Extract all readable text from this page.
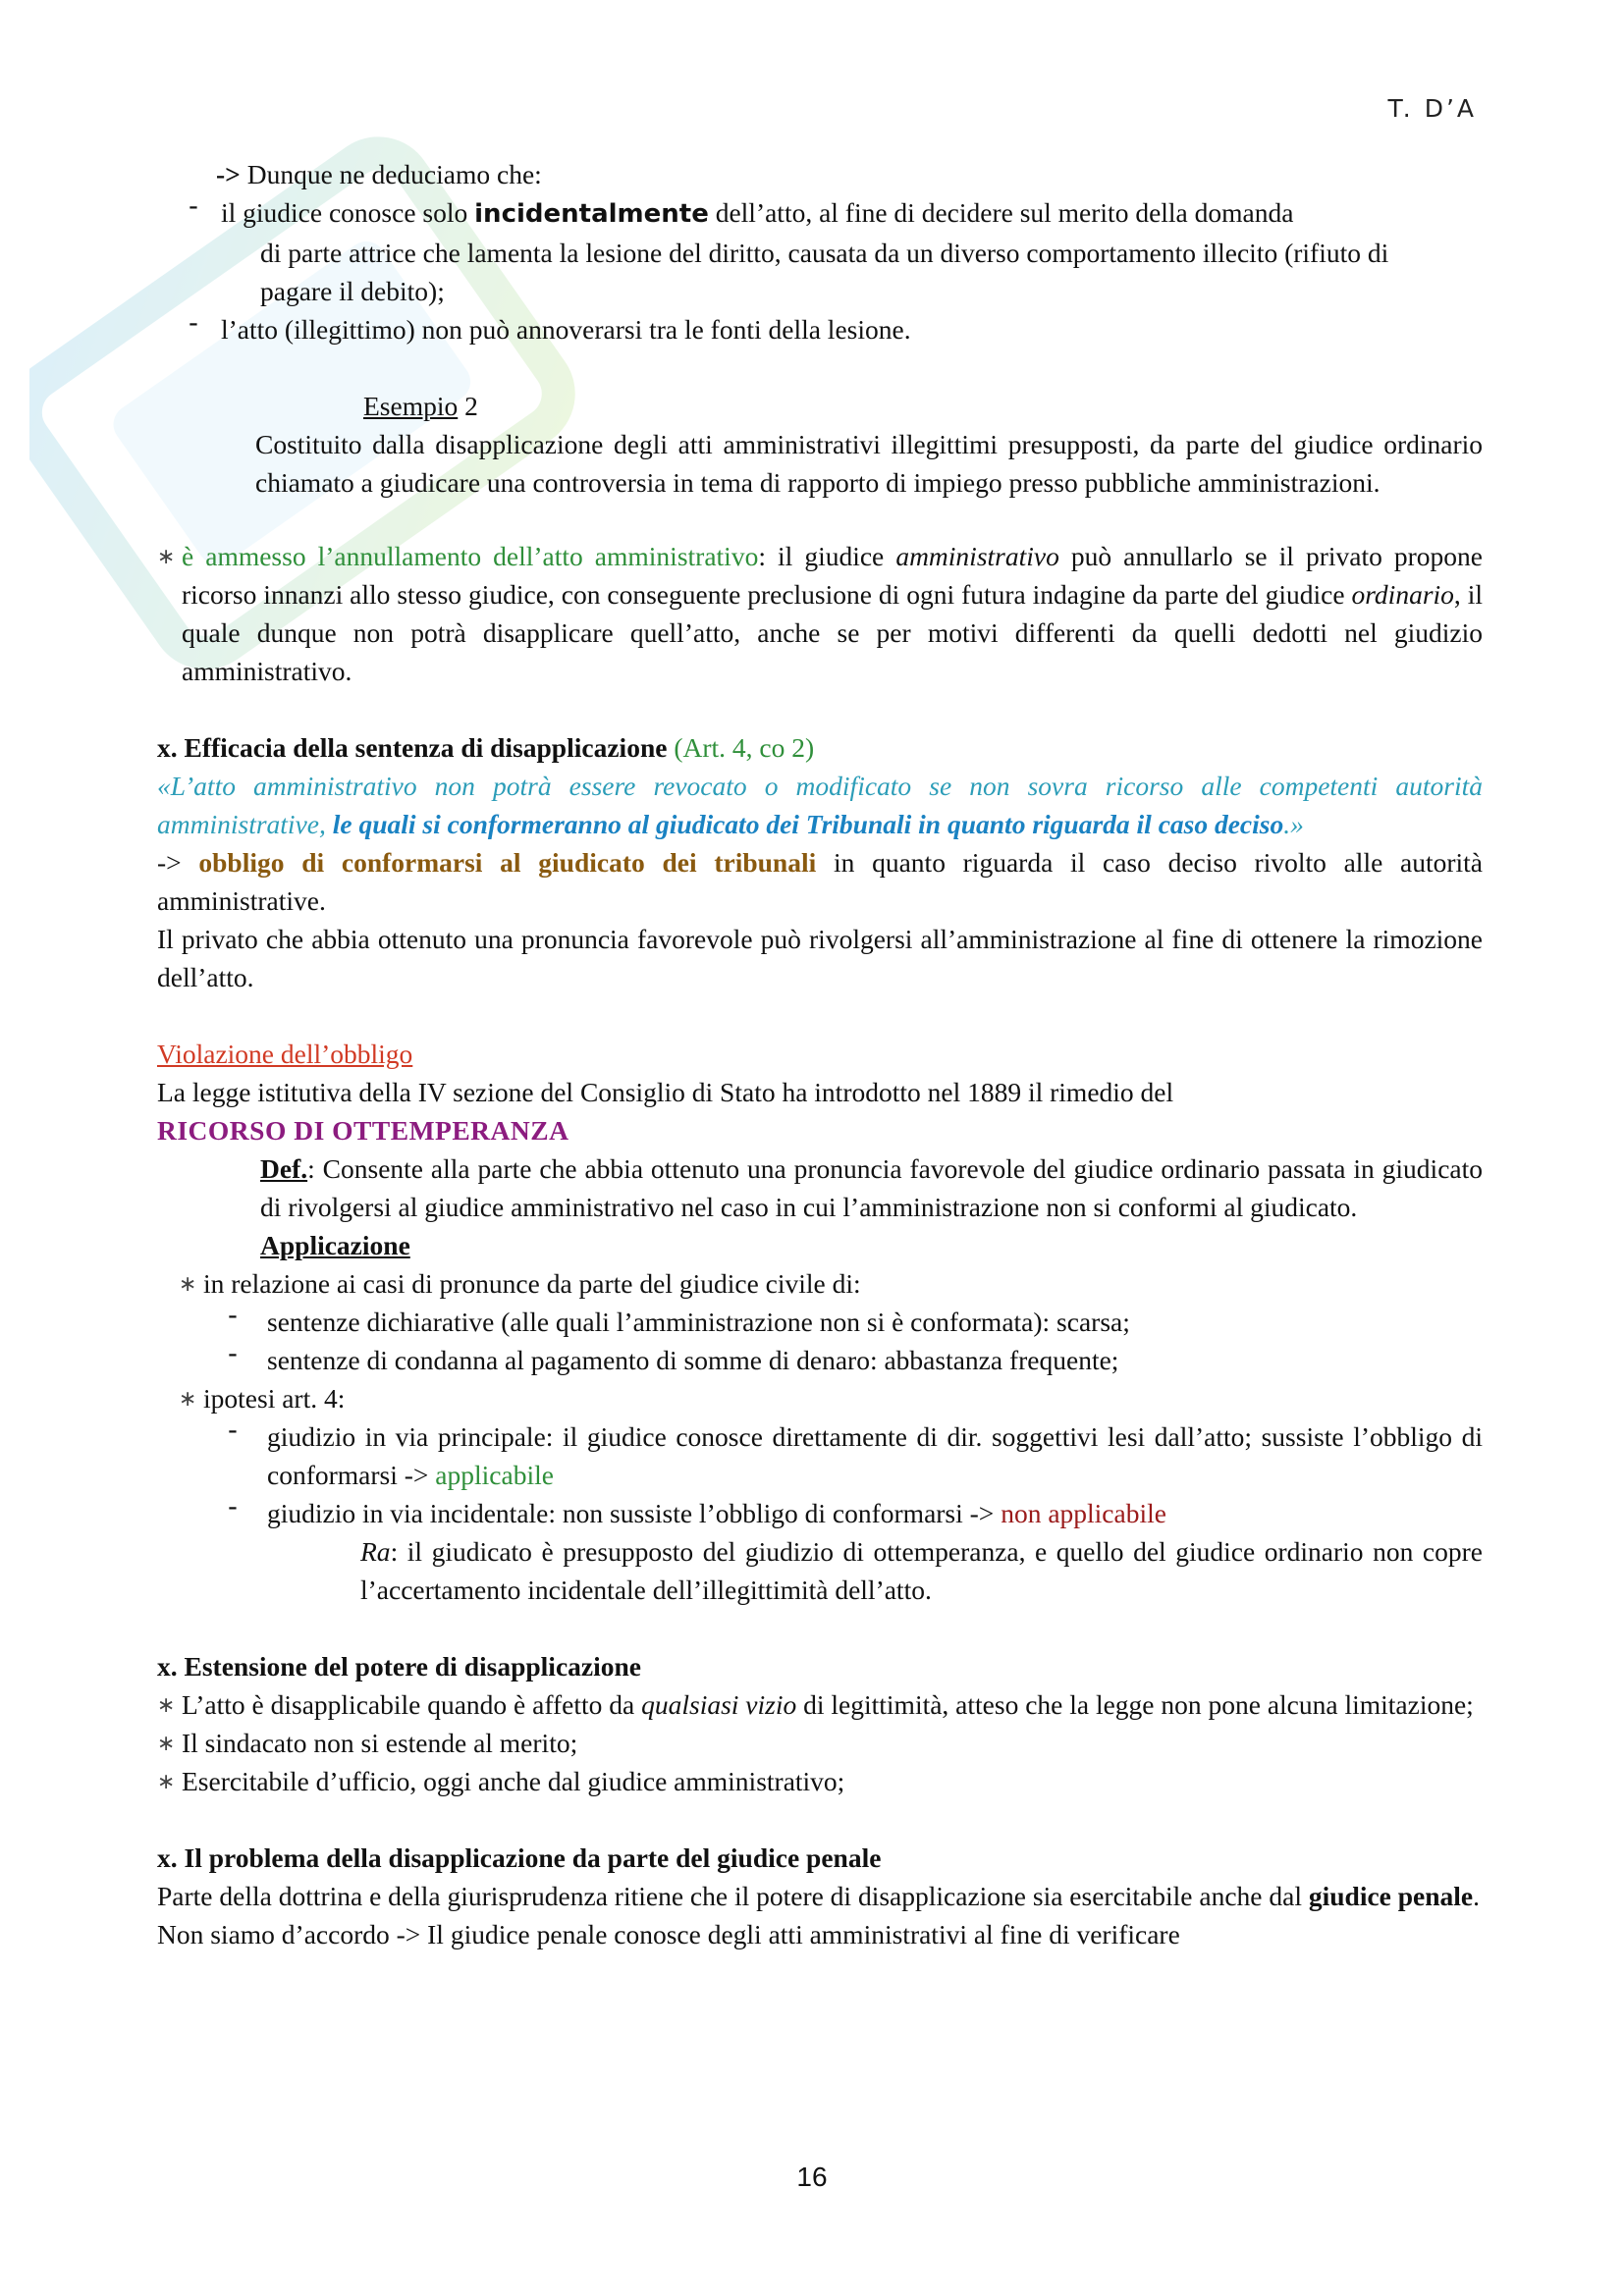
T. D’A

-> Dunque ne deduciamo che:

- il giudice conosce solo incidentalmente dell’atto, al fine di decidere sul merito della domanda
di parte attrice che lamenta la lesione del diritto, causata da un diverso comportamento illecito (rifiuto di pagare il debito);
- l’atto (illegittimo) non può annoverarsi tra le fonti della lesione.

Esempio 2

Costituito dalla disapplicazione degli atti amministrativi illegittimi presupposti, da parte del giudice ordinario chiamato a giudicare una controversia in tema di rapporto di impiego presso pubbliche amministrazioni.

∗ è ammesso l’annullamento dell’atto amministrativo: il giudice amministrativo può annullarlo se il privato propone ricorso innanzi allo stesso giudice, con conseguente preclusione di ogni futura indagine da parte del giudice ordinario, il quale dunque non potrà disapplicare quell’atto, anche se per motivi differenti da quelli dedotti nel giudizio amministrativo.

x. Efficacia della sentenza di disapplicazione (Art. 4, co 2)

«L’atto amministrativo non potrà essere revocato o modificato se non sovra ricorso alle competenti autorità amministrative, le quali si conformeranno al giudicato dei Tribunali in quanto riguarda il caso deciso.»

-> obbligo di conformarsi al giudicato dei tribunali in quanto riguarda il caso deciso rivolto alle autorità amministrative.

Il privato che abbia ottenuto una pronuncia favorevole può rivolgersi all’amministrazione al fine di ottenere la rimozione dell’atto.

Violazione dell’obbligo

La legge istitutiva della IV sezione del Consiglio di Stato ha introdotto nel 1889 il rimedio del

RICORSO DI OTTEMPERANZA

Def.: Consente alla parte che abbia ottenuto una pronuncia favorevole del giudice ordinario passata in giudicato di rivolgersi al giudice amministrativo nel caso in cui l’amministrazione non si conformi al giudicato.

Applicazione

∗ in relazione ai casi di pronunce da parte del giudice civile di:
- sentenze dichiarative (alle quali l’amministrazione non si è conformata): scarsa;
- sentenze di condanna al pagamento di somme di denaro: abbastanza frequente;
∗ ipotesi art. 4:
- giudizio in via principale: il giudice conosce direttamente di dir. soggettivi lesi dall’atto; sussiste l’obbligo di conformarsi -> applicabile
- giudizio in via incidentale: non sussiste l’obbligo di conformarsi -> non applicabile
Ra: il giudicato è presupposto del giudizio di ottemperanza, e quello del giudice ordinario non copre l’accertamento incidentale dell’illegittimità dell’atto.

x. Estensione del potere di disapplicazione

∗ L’atto è disapplicabile quando è affetto da qualsiasi vizio di legittimità, atteso che la legge non pone alcuna limitazione;
∗ Il sindacato non si estende al merito;
∗ Esercitabile d’ufficio, oggi anche dal giudice amministrativo;

x. Il problema della disapplicazione da parte del giudice penale

Parte della dottrina e della giurisprudenza ritiene che il potere di disapplicazione sia esercitabile anche dal giudice penale.

Non siamo d’accordo -> Il giudice penale conosce degli atti amministrativi al fine di verificare

16
